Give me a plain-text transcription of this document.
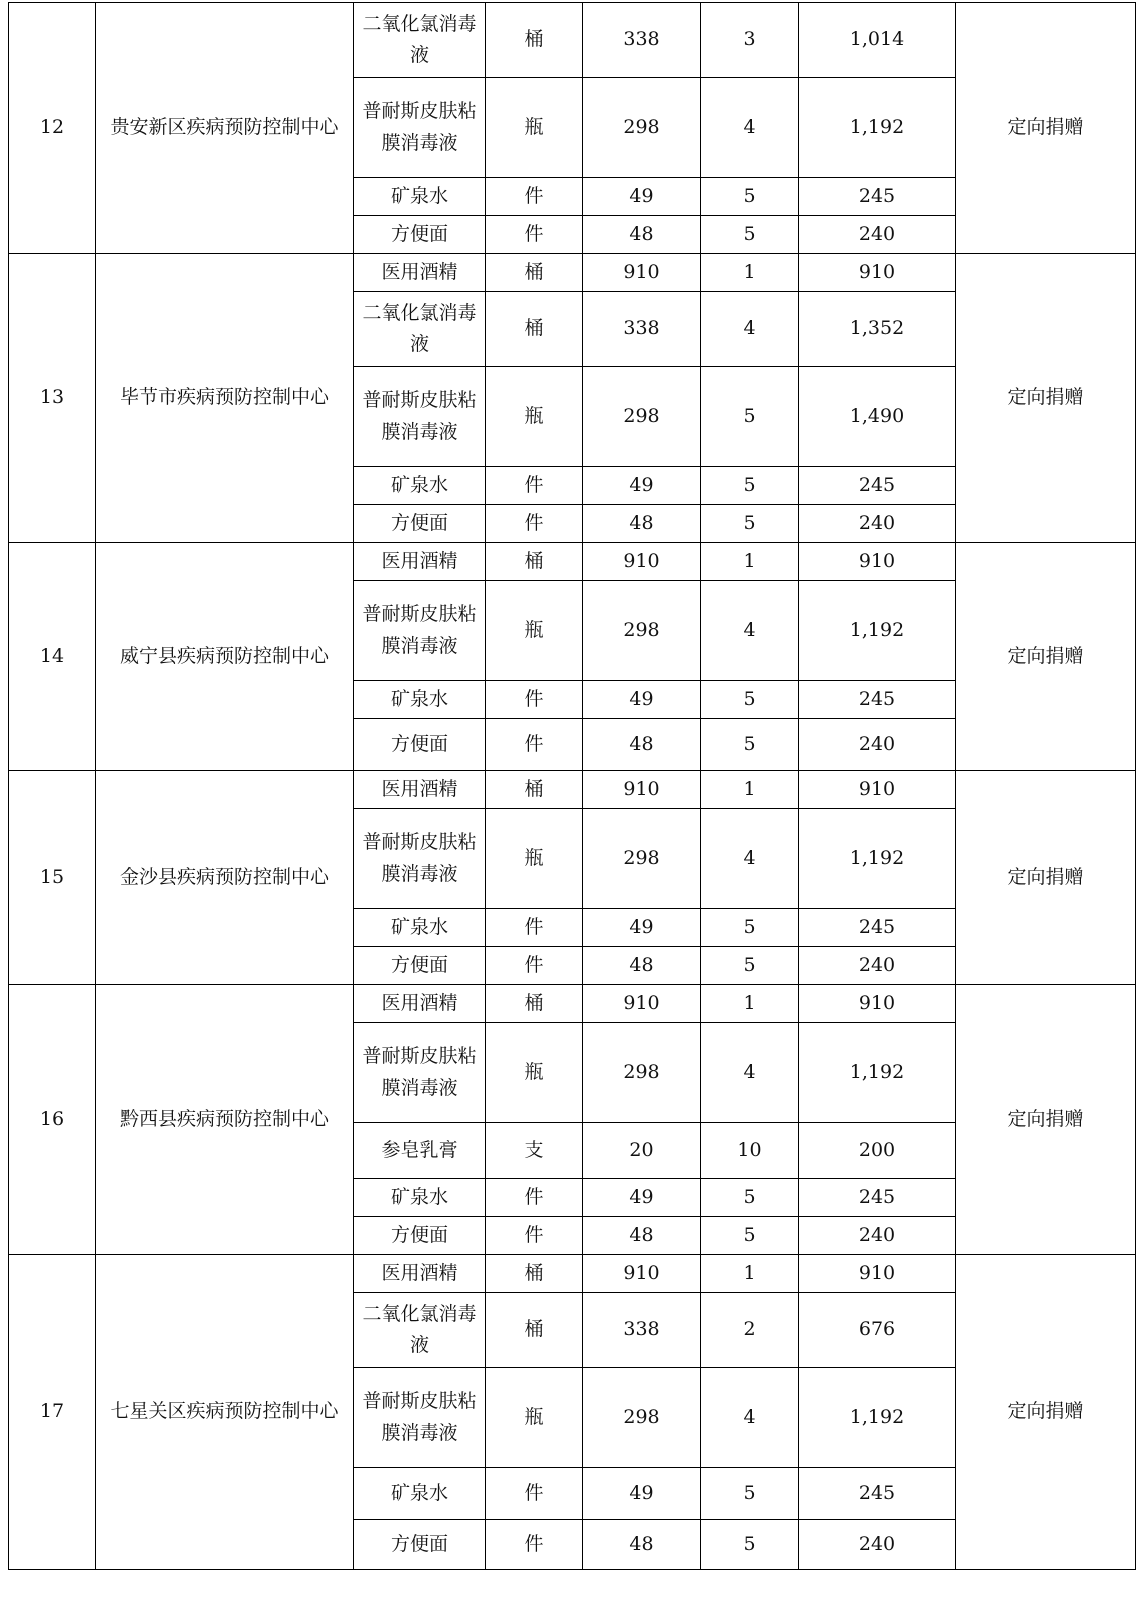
12	贵安新区疾病预防控制中心	二氧化氯消毒液	桶	338	3	1,014	定向捐赠
		普耐斯皮肤粘膜消毒液	瓶	298	4	1,192	
		矿泉水	件	49	5	245	
		方便面	件	48	5	240	
13	毕节市疾病预防控制中心	医用酒精	桶	910	1	910	定向捐赠
		二氧化氯消毒液	桶	338	4	1,352	
		普耐斯皮肤粘膜消毒液	瓶	298	5	1,490	
		矿泉水	件	49	5	245	
		方便面	件	48	5	240	
14	威宁县疾病预防控制中心	医用酒精	桶	910	1	910	定向捐赠
		普耐斯皮肤粘膜消毒液	瓶	298	4	1,192	
		矿泉水	件	49	5	245	
		方便面	件	48	5	240	
15	金沙县疾病预防控制中心	医用酒精	桶	910	1	910	定向捐赠
		普耐斯皮肤粘膜消毒液	瓶	298	4	1,192	
		矿泉水	件	49	5	245	
		方便面	件	48	5	240	
16	黔西县疾病预防控制中心	医用酒精	桶	910	1	910	定向捐赠
		普耐斯皮肤粘膜消毒液	瓶	298	4	1,192	
		参皂乳膏	支	20	10	200	
		矿泉水	件	49	5	245	
		方便面	件	48	5	240	
17	七星关区疾病预防控制中心	医用酒精	桶	910	1	910	定向捐赠
		二氧化氯消毒液	桶	338	2	676	
		普耐斯皮肤粘膜消毒液	瓶	298	4	1,192	
		矿泉水	件	49	5	245	
		方便面	件	48	5	240	
